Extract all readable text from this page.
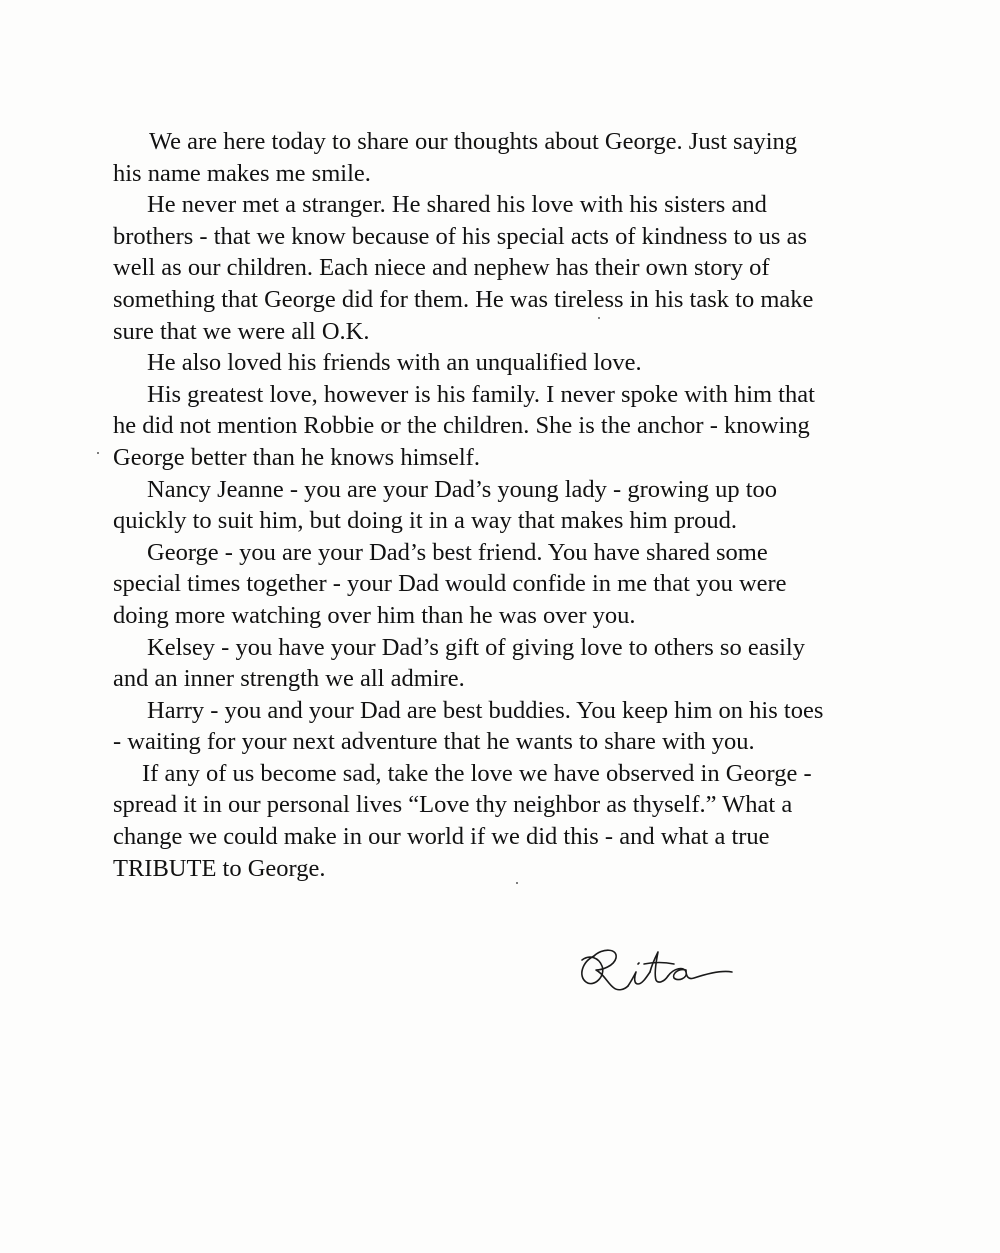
We are here today to share our thoughts about George. Just saying
his name makes me smile.
He never met a stranger. He shared his love with his sisters and
brothers - that we know because of his special acts of kindness to us as
well as our children. Each niece and nephew has their own story of
something that George did for them. He was tireless in his task to make
sure that we were all O.K.
He also loved his friends with an unqualified love.
His greatest love, however is his family. I never spoke with him that
he did not mention Robbie or the children. She is the anchor - knowing
George better than he knows himself.
Nancy Jeanne - you are your Dad’s young lady - growing up too
quickly to suit him, but doing it in a way that makes him proud.
George - you are your Dad’s best friend. You have shared some
special times together - your Dad would confide in me that you were
doing more watching over him than he was over you.
Kelsey - you have your Dad’s gift of giving love to others so easily
and an inner strength we all admire.
Harry - you and your Dad are best buddies. You keep him on his toes
- waiting for your next adventure that he wants to share with you.
If any of us become sad, take the love we have observed in George -
spread it in our personal lives “Love thy neighbor as thyself.” What a
change we could make in our world if we did this - and what a true
TRIBUTE to George.
